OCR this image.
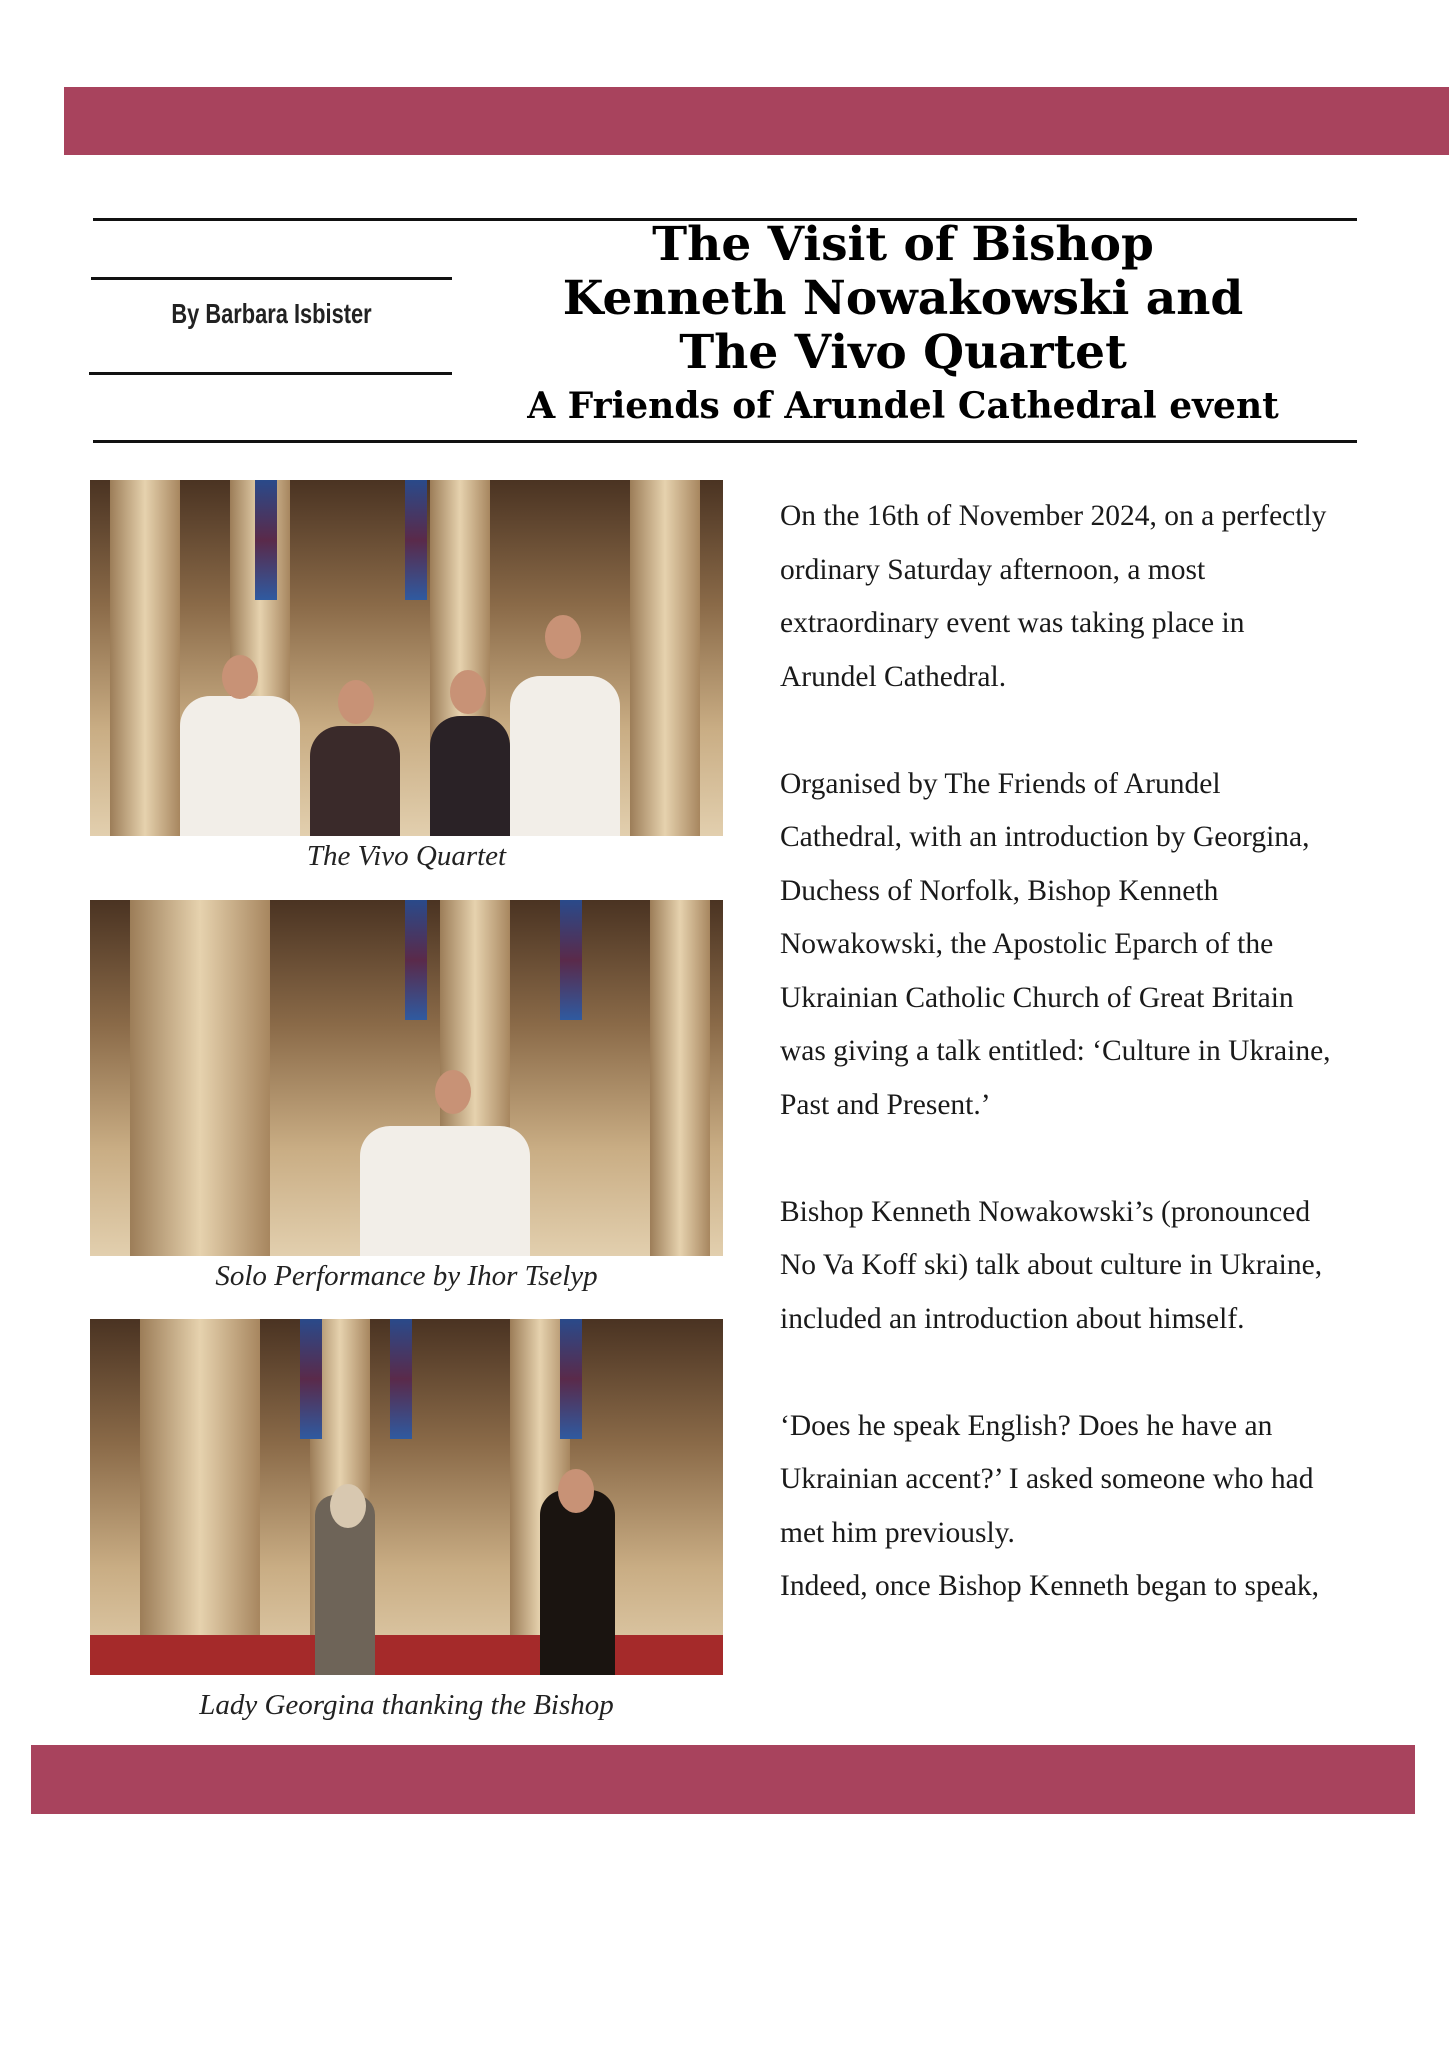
By Barbara Isbister
The Visit of Bishop
Kenneth Nowakowski and
The Vivo Quartet
A Friends of Arundel Cathedral event
The Vivo Quartet
Solo Performance by Ihor Tselyp
Lady Georgina thanking the Bishop
On the 16th of November 2024, on a perfectly
ordinary Saturday afternoon, a most
extraordinary event was taking place in
Arundel Cathedral.
Organised by The Friends of Arundel
Cathedral, with an introduction by Georgina,
Duchess of Norfolk, Bishop Kenneth
Nowakowski, the Apostolic Eparch of the
Ukrainian Catholic Church of Great Britain
was giving a talk entitled: ‘Culture in Ukraine,
Past and Present.’
Bishop Kenneth Nowakowski’s (pronounced
No Va Koff ski) talk about culture in Ukraine,
included an introduction about himself.
‘Does he speak English? Does he have an
Ukrainian accent?’ I asked someone who had
met him previously.
Indeed, once Bishop Kenneth began to speak,
